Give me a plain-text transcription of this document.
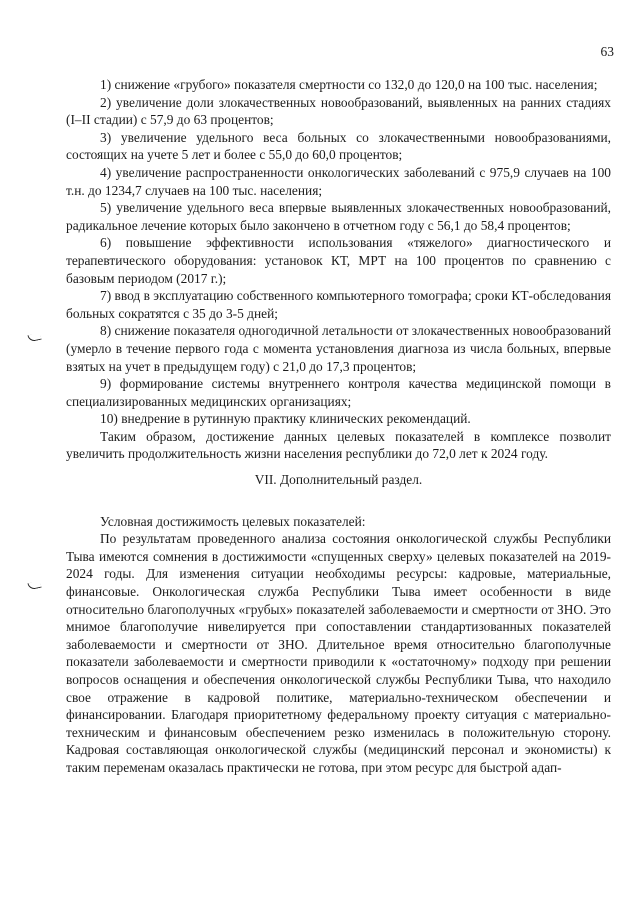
63

1) снижение «грубого» показателя смертности со 132,0 до 120,0 на 100 тыс. населения;

2) увеличение доли злокачественных новообразований, выявленных на ранних стадиях (I–II стадии) с 57,9 до 63 процентов;

3) увеличение удельного веса больных со злокачественными новообразованиями, состоящих на учете 5 лет и более с 55,0 до 60,0 процентов;

4) увеличение распространенности онкологических заболеваний с 975,9 случаев на 100 т.н. до 1234,7 случаев на 100 тыс. населения;

5) увеличение удельного веса впервые выявленных злокачественных новообразований, радикальное лечение которых было закончено в отчетном году с 56,1 до 58,4 процентов;

6) повышение эффективности использования «тяжелого» диагностического и терапевтического оборудования: установок КТ, МРТ на 100 процентов по сравнению с базовым периодом (2017 г.);

7) ввод в эксплуатацию собственного компьютерного томографа; сроки КТ-обследования больных сократятся с 35 до 3-5 дней;

8) снижение показателя одногодичной летальности от злокачественных новообразований (умерло в течение первого года с момента установления диагноза из числа больных, впервые взятых на учет в предыдущем году) с 21,0 до 17,3 процентов;

9) формирование системы внутреннего контроля качества медицинской помощи в специализированных медицинских организациях;

10) внедрение в рутинную практику клинических рекомендаций.

Таким образом, достижение данных целевых показателей в комплексе позволит увеличить продолжительность жизни населения республики до 72,0 лет к 2024 году.

VII. Дополнительный раздел.

Условная достижимость целевых показателей:

По результатам проведенного анализа состояния онкологической службы Республики Тыва имеются сомнения в достижимости «спущенных сверху» целевых показателей на 2019-2024 годы. Для изменения ситуации необходимы ресурсы: кадровые, материальные, финансовые. Онкологическая служба Республики Тыва имеет особенности в виде относительно благополучных «грубых» показателей заболеваемости и смертности от ЗНО. Это мнимое благополучие нивелируется при сопоставлении стандартизованных показателей заболеваемости и смертности от ЗНО. Длительное время относительно благополучные показатели заболеваемости и смертности приводили к «остаточному» подходу при решении вопросов оснащения и обеспечения онкологической службы Республики Тыва, что находило свое отражение в кадровой политике, материально-техническом обеспечении и финансировании. Благодаря приоритетному федеральному проекту ситуация с материально-техническим и финансовым обеспечением резко изменилась в положительную сторону. Кадровая составляющая онкологической службы (медицинский персонал и экономисты) к таким переменам оказалась практически не готова, при этом ресурс для быстрой адап-
